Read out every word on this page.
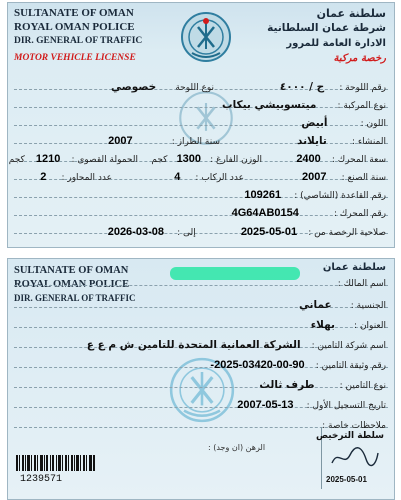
SULTANATE OF OMAN
ROYAL OMAN POLICE
DIR. GENERAL OF TRAFFIC
MOTOR VEHICLE LICENSE
سلطنة عمان
شرطة عمان السلطانية
الادارة العامة للمرور
رخصة مركبة
رقم اللوحة : ح / ٤٠٠٠
نوع اللوحة خصوصي
نوع المركبة : ميتسوبيشي بيكاب
اللون : أبيض
المنشاء : تايلاند
سنة الطراز : 2007
سعة المحرك : 2400
الوزن الفارغ : 1300 كجم
الحمولة القصوى : 1210 كجم
سنة الصنع : 2007
عدد الركاب : 4
عدد المحاور : 2
رقم القاعدة (الشاصي) : 109261
رقم المحرك : 4G64AB0154
صلاحية الرخصة من : 2025-05-01 إلى : 2026-03-08
SULTANATE OF OMAN
ROYAL OMAN POLICE
DIR. GENERAL OF TRAFFIC
سلطنة عمان
اسم المالك :
الجنسية : عماني
العنوان : بهلاء
اسم شركة التامين : الشركة العمانية المتحدة للتامين ش م ع ع
رقم وثيقة التامين : -2025-03420-00-90
نوع التامين : طرف ثالث
تاريخ التسجيل الأول : 2007-05-13
ملاحظات خاصة :
الرهن (ان وجد) :
سلطة الترخيص
2025-05-01
1239571
